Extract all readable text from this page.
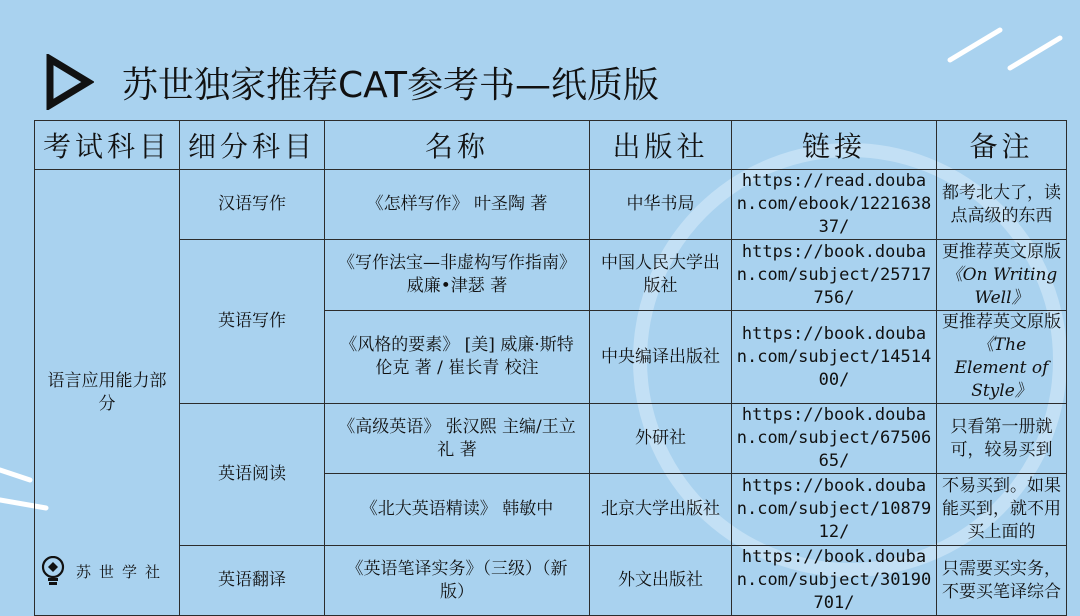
苏世独家推荐CAT参考书—纸质版
考试科目	细分科目	名称	出版社	链接	备注
语言应用能力部分	汉语写作	《怎样写作》 叶圣陶 著	中华书局	https://read.douban.com/ebook/122163837/	都考北大了，读点高级的东西
	英语写作	《写作法宝—非虚构写作指南》威廉•津瑟 著	中国人民大学出版社	https://book.douban.com/subject/25717756/	更推荐英文原版《On Writing Well》
		《风格的要素》 [美] 威廉·斯特伦克 著 / 崔长青 校注	中央编译出版社	https://book.douban.com/subject/1451400/	更推荐英文原版《The Element of Style》
	英语阅读	《高级英语》 张汉熙 主编/王立礼 著	外研社	https://book.douban.com/subject/6750665/	只看第一册就可，较易买到
		《北大英语精读》 韩敏中	北京大学出版社	https://book.douban.com/subject/1087912/	不易买到。如果能买到，就不用买上面的
	英语翻译	《英语笔译实务》（三级）（新版）	外文出版社	https://book.douban.com/subject/30190701/	只需要买实务，不要买笔译综合
苏世学社
